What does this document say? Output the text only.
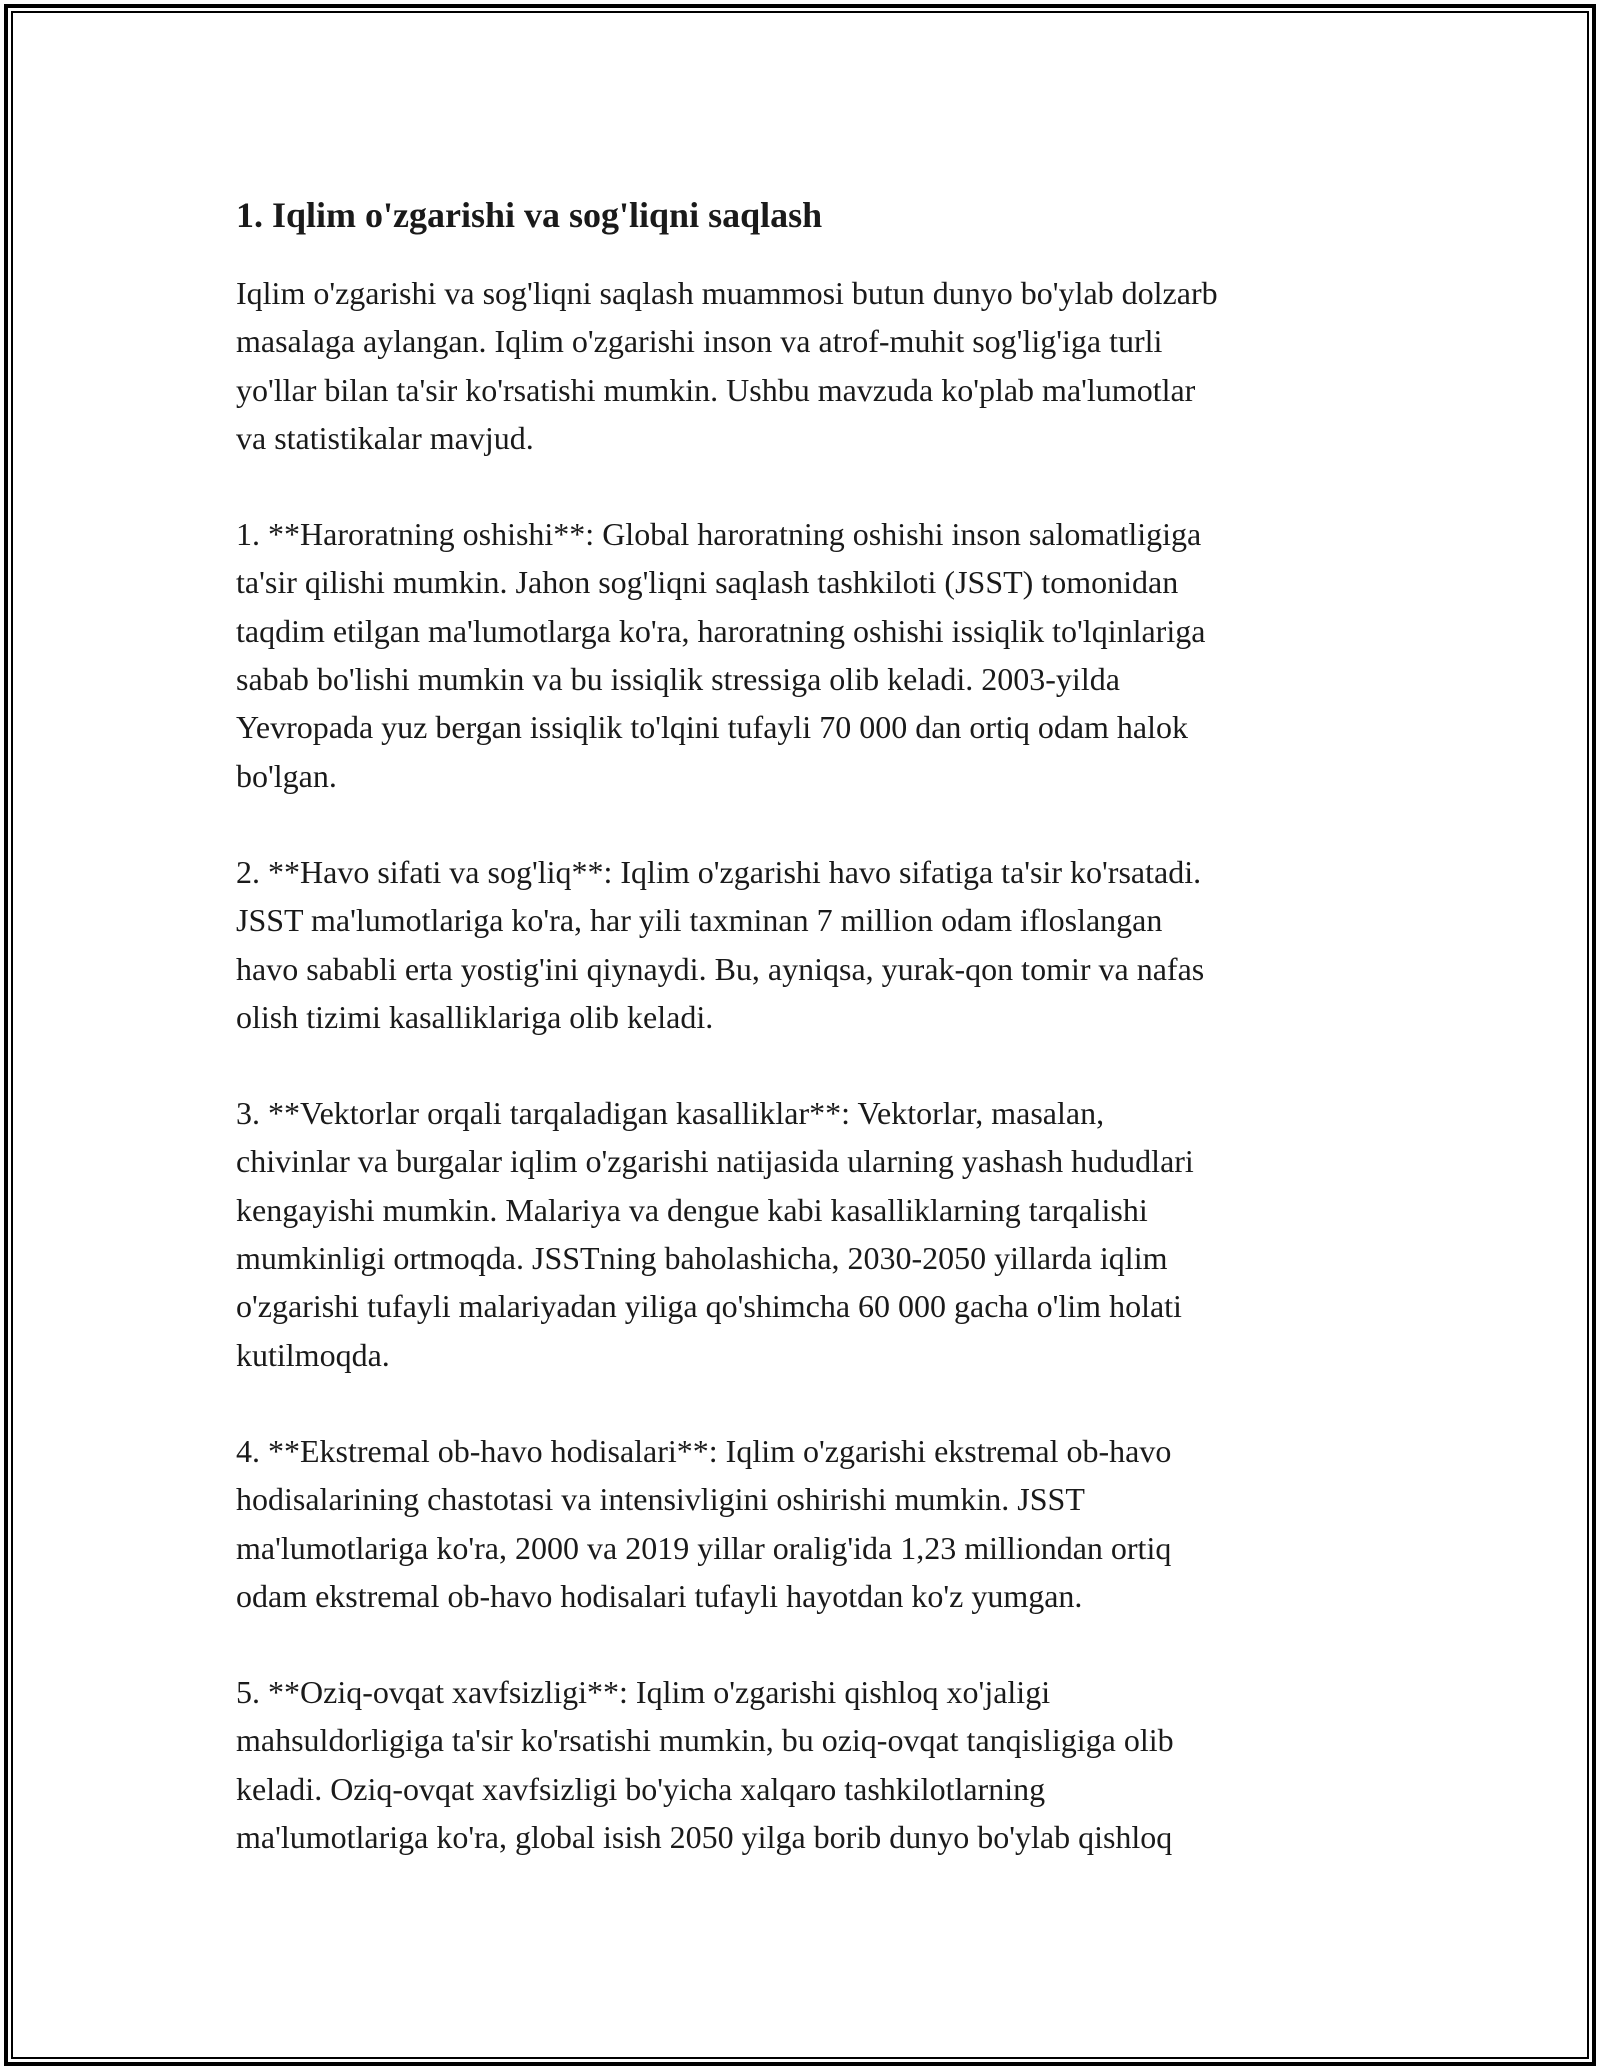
1. Iqlim o'zgarishi va sog'liqni saqlash

Iqlim o'zgarishi va sog'liqni saqlash muammosi butun dunyo bo'ylab dolzarb
masalaga aylangan. Iqlim o'zgarishi inson va atrof-muhit sog'lig'iga turli
yo'llar bilan ta'sir ko'rsatishi mumkin. Ushbu mavzuda ko'plab ma'lumotlar
va statistikalar mavjud.

1. **Haroratning oshishi**: Global haroratning oshishi inson salomatligiga
ta'sir qilishi mumkin. Jahon sog'liqni saqlash tashkiloti (JSST) tomonidan
taqdim etilgan ma'lumotlarga ko'ra, haroratning oshishi issiqlik to'lqinlariga
sabab bo'lishi mumkin va bu issiqlik stressiga olib keladi. 2003-yilda
Yevropada yuz bergan issiqlik to'lqini tufayli 70 000 dan ortiq odam halok
bo'lgan.

2. **Havo sifati va sog'liq**: Iqlim o'zgarishi havo sifatiga ta'sir ko'rsatadi.
JSST ma'lumotlariga ko'ra, har yili taxminan 7 million odam ifloslangan
havo sababli erta yostig'ini qiynaydi. Bu, ayniqsa, yurak-qon tomir va nafas
olish tizimi kasalliklariga olib keladi.

3. **Vektorlar orqali tarqaladigan kasalliklar**: Vektorlar, masalan,
chivinlar va burgalar iqlim o'zgarishi natijasida ularning yashash hududlari
kengayishi mumkin. Malariya va dengue kabi kasalliklarning tarqalishi
mumkinligi ortmoqda. JSSTning baholashicha, 2030-2050 yillarda iqlim
o'zgarishi tufayli malariyadan yiliga qo'shimcha 60 000 gacha o'lim holati
kutilmoqda.

4. **Ekstremal ob-havo hodisalari**: Iqlim o'zgarishi ekstremal ob-havo
hodisalarining chastotasi va intensivligini oshirishi mumkin. JSST
ma'lumotlariga ko'ra, 2000 va 2019 yillar oralig'ida 1,23 milliondan ortiq
odam ekstremal ob-havo hodisalari tufayli hayotdan ko'z yumgan.

5. **Oziq-ovqat xavfsizligi**: Iqlim o'zgarishi qishloq xo'jaligi
mahsuldorligiga ta'sir ko'rsatishi mumkin, bu oziq-ovqat tanqisligiga olib
keladi. Oziq-ovqat xavfsizligi bo'yicha xalqaro tashkilotlarning
ma'lumotlariga ko'ra, global isish 2050 yilga borib dunyo bo'ylab qishloq
